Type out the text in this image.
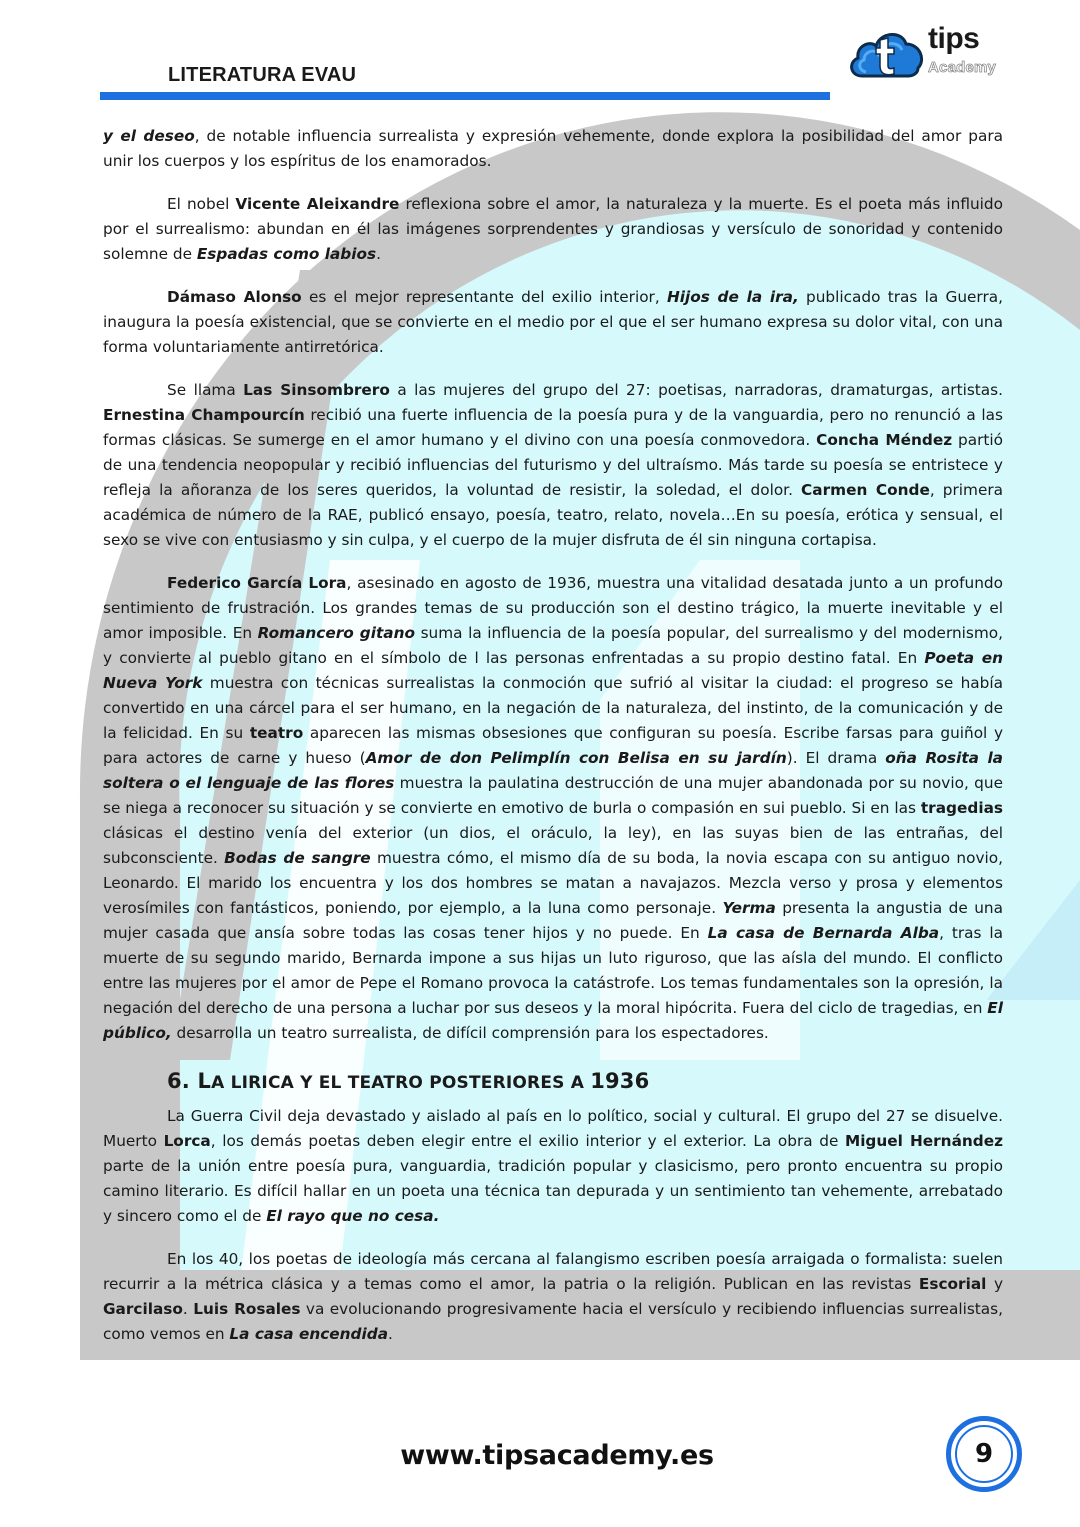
LITERATURA EVAU
tips
Academy

y el deseo, de notable influencia surrealista y expresión vehemente, donde explora la posibilidad del amor para unir los cuerpos y los espíritus de los enamorados.

El nobel Vicente Aleixandre reflexiona sobre el amor, la naturaleza y la muerte. Es el poeta más influido por el surrealismo: abundan en él las imágenes sorprendentes y grandiosas y versículo de sonoridad y contenido solemne de Espadas como labios.

Dámaso Alonso es el mejor representante del exilio interior, Hijos de la ira, publicado tras la Guerra, inaugura la poesía existencial, que se convierte en el medio por el que el ser humano expresa su dolor vital, con una forma voluntariamente antirretórica.

Se llama Las Sinsombrero a las mujeres del grupo del 27: poetisas, narradoras, dramaturgas, artistas. Ernestina Champourcín recibió una fuerte influencia de la poesía pura y de la vanguardia, pero no renunció a las formas clásicas. Se sumerge en el amor humano y el divino con una poesía conmovedora. Concha Méndez partió de una tendencia neopopular y recibió influencias del futurismo y del ultraísmo. Más tarde su poesía se entristece y refleja la añoranza de los seres queridos, la voluntad de resistir, la soledad, el dolor. Carmen Conde, primera académica de número de la RAE, publicó ensayo, poesía, teatro, relato, novela…En su poesía, erótica y sensual, el sexo se vive con entusiasmo y sin culpa, y el cuerpo de la mujer disfruta de él sin ninguna cortapisa.

Federico García Lora, asesinado en agosto de 1936, muestra una vitalidad desatada junto a un profundo sentimiento de frustración. Los grandes temas de su producción son el destino trágico, la muerte inevitable y el amor imposible. En Romancero gitano suma la influencia de la poesía popular, del surrealismo y del modernismo, y convierte al pueblo gitano en el símbolo de l las personas enfrentadas a su propio destino fatal. En Poeta en Nueva York muestra con técnicas surrealistas la conmoción que sufrió al visitar la ciudad: el progreso se había convertido en una cárcel para el ser humano, en la negación de la naturaleza, del instinto, de la comunicación y de la felicidad. En su teatro aparecen las mismas obsesiones que configuran su poesía. Escribe farsas para guiñol y para actores de carne y hueso (Amor de don Pelimplín con Belisa en su jardín). El drama oña Rosita la soltera o el lenguaje de las flores muestra la paulatina destrucción de una mujer abandonada por su novio, que se niega a reconocer su situación y se convierte en emotivo de burla o compasión en sui pueblo. Si en las tragedias clásicas el destino venía del exterior (un dios, el oráculo, la ley), en las suyas bien de las entrañas, del subconsciente. Bodas de sangre muestra cómo, el mismo día de su boda, la novia escapa con su antiguo novio, Leonardo. El marido los encuentra y los dos hombres se matan a navajazos. Mezcla verso y prosa y elementos verosímiles con fantásticos, poniendo, por ejemplo, a la luna como personaje. Yerma presenta la angustia de una mujer casada que ansía sobre todas las cosas tener hijos y no puede. En La casa de Bernarda Alba, tras la muerte de su segundo marido, Bernarda impone a sus hijas un luto riguroso, que las aísla del mundo. El conflicto entre las mujeres por el amor de Pepe el Romano provoca la catástrofe. Los temas fundamentales son la opresión, la negación del derecho de una persona a luchar por sus deseos y la moral hipócrita. Fuera del ciclo de tragedias, en El público, desarrolla un teatro surrealista, de difícil comprensión para los espectadores.

6. LA LIRICA Y EL TEATRO POSTERIORES A 1936

La Guerra Civil deja devastado y aislado al país en lo político, social y cultural. El grupo del 27 se disuelve. Muerto Lorca, los demás poetas deben elegir entre el exilio interior y el exterior. La obra de Miguel Hernández parte de la unión entre poesía pura, vanguardia, tradición popular y clasicismo, pero pronto encuentra su propio camino literario. Es difícil hallar en un poeta una técnica tan depurada y un sentimiento tan vehemente, arrebatado y sincero como el de El rayo que no cesa.

En los 40, los poetas de ideología más cercana al falangismo escriben poesía arraigada o formalista: suelen recurrir a la métrica clásica y a temas como el amor, la patria o la religión. Publican en las revistas Escorial y Garcilaso. Luis Rosales va evolucionando progresivamente hacia el versículo y recibiendo influencias surrealistas, como vemos en La casa encendida.

www.tipsacademy.es	9
